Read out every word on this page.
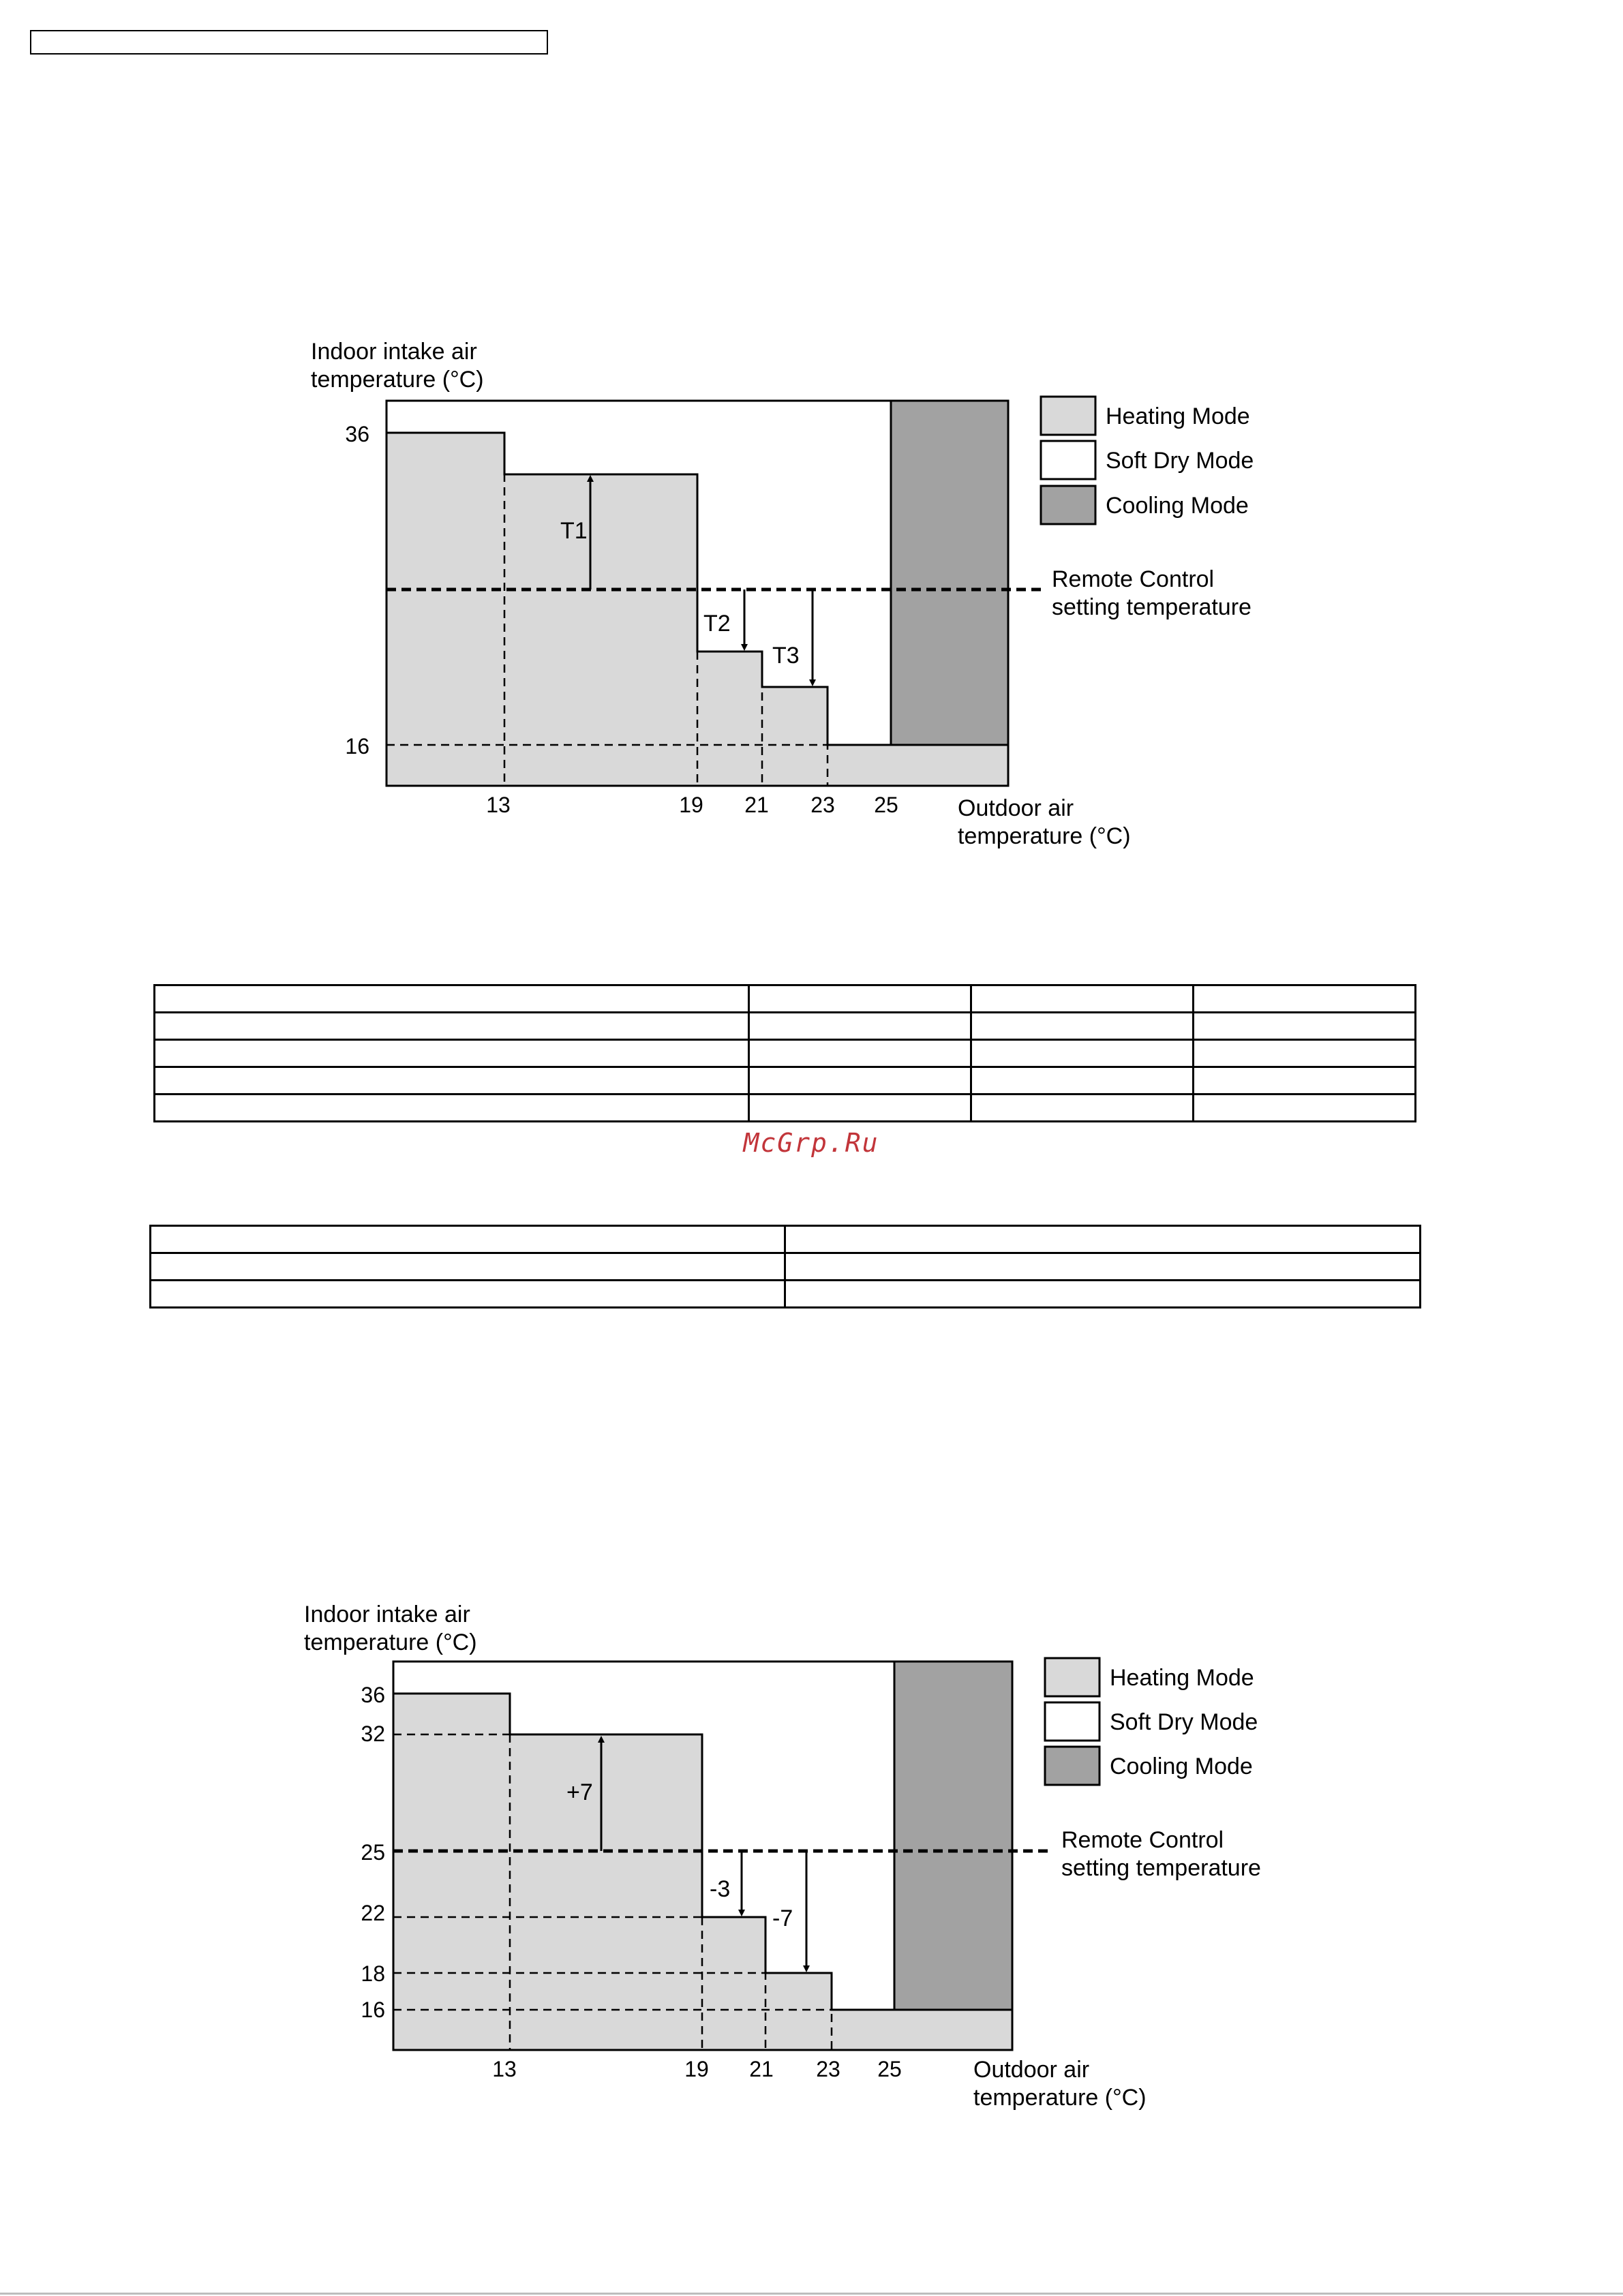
Indoor intake air
temperature (°C)
T1
T2
T3
36
16
13	19 21 23 25	Outdoor air
temperature (°C)
Remote Control
setting temperature
Heating Mode
Soft Dry Mode
Cooling Mode

McGrp.Ru

Indoor intake air
temperature (°C)
+7
-3
-7
36
32
25
22
18
16
13	19 21 23 25	Outdoor air
temperature (°C)
Remote Control
setting temperature
Heating Mode
Soft Dry Mode
Cooling Mode
